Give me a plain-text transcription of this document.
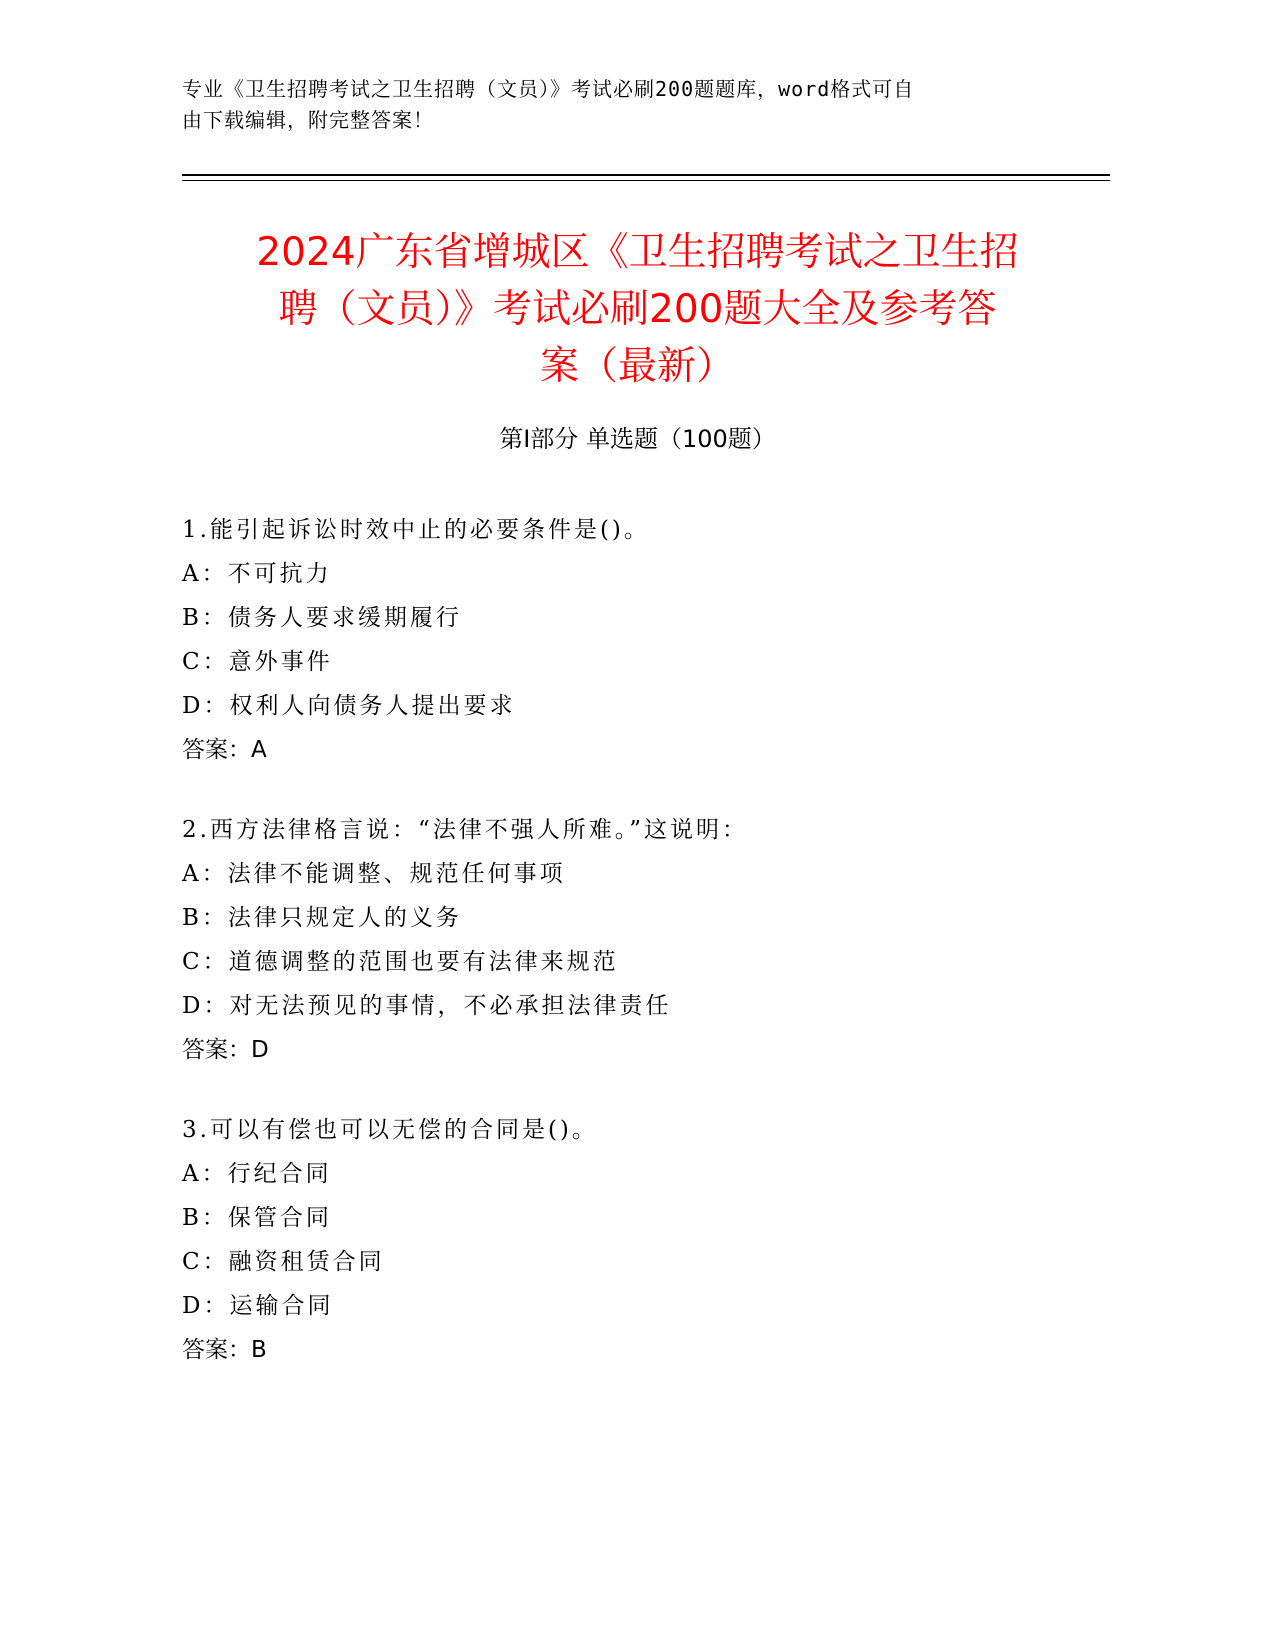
专业《卫生招聘考试之卫生招聘（文员）》考试必刷200题题库，word格式可自
由下载编辑，附完整答案！
2024广东省增城区《卫生招聘考试之卫生招
聘（文员）》考试必刷200题大全及参考答
案（最新）
第Ⅰ部分 单选题（100题）
1.能引起诉讼时效中止的必要条件是()。
A：不可抗力
B：债务人要求缓期履行
C：意外事件
D：权利人向债务人提出要求
答案：A
2.西方法律格言说：“法律不强人所难。”这说明：
A：法律不能调整、规范任何事项
B：法律只规定人的义务
C：道德调整的范围也要有法律来规范
D：对无法预见的事情，不必承担法律责任
答案：D
3.可以有偿也可以无偿的合同是()。
A：行纪合同
B：保管合同
C：融资租赁合同
D：运输合同
答案：B
